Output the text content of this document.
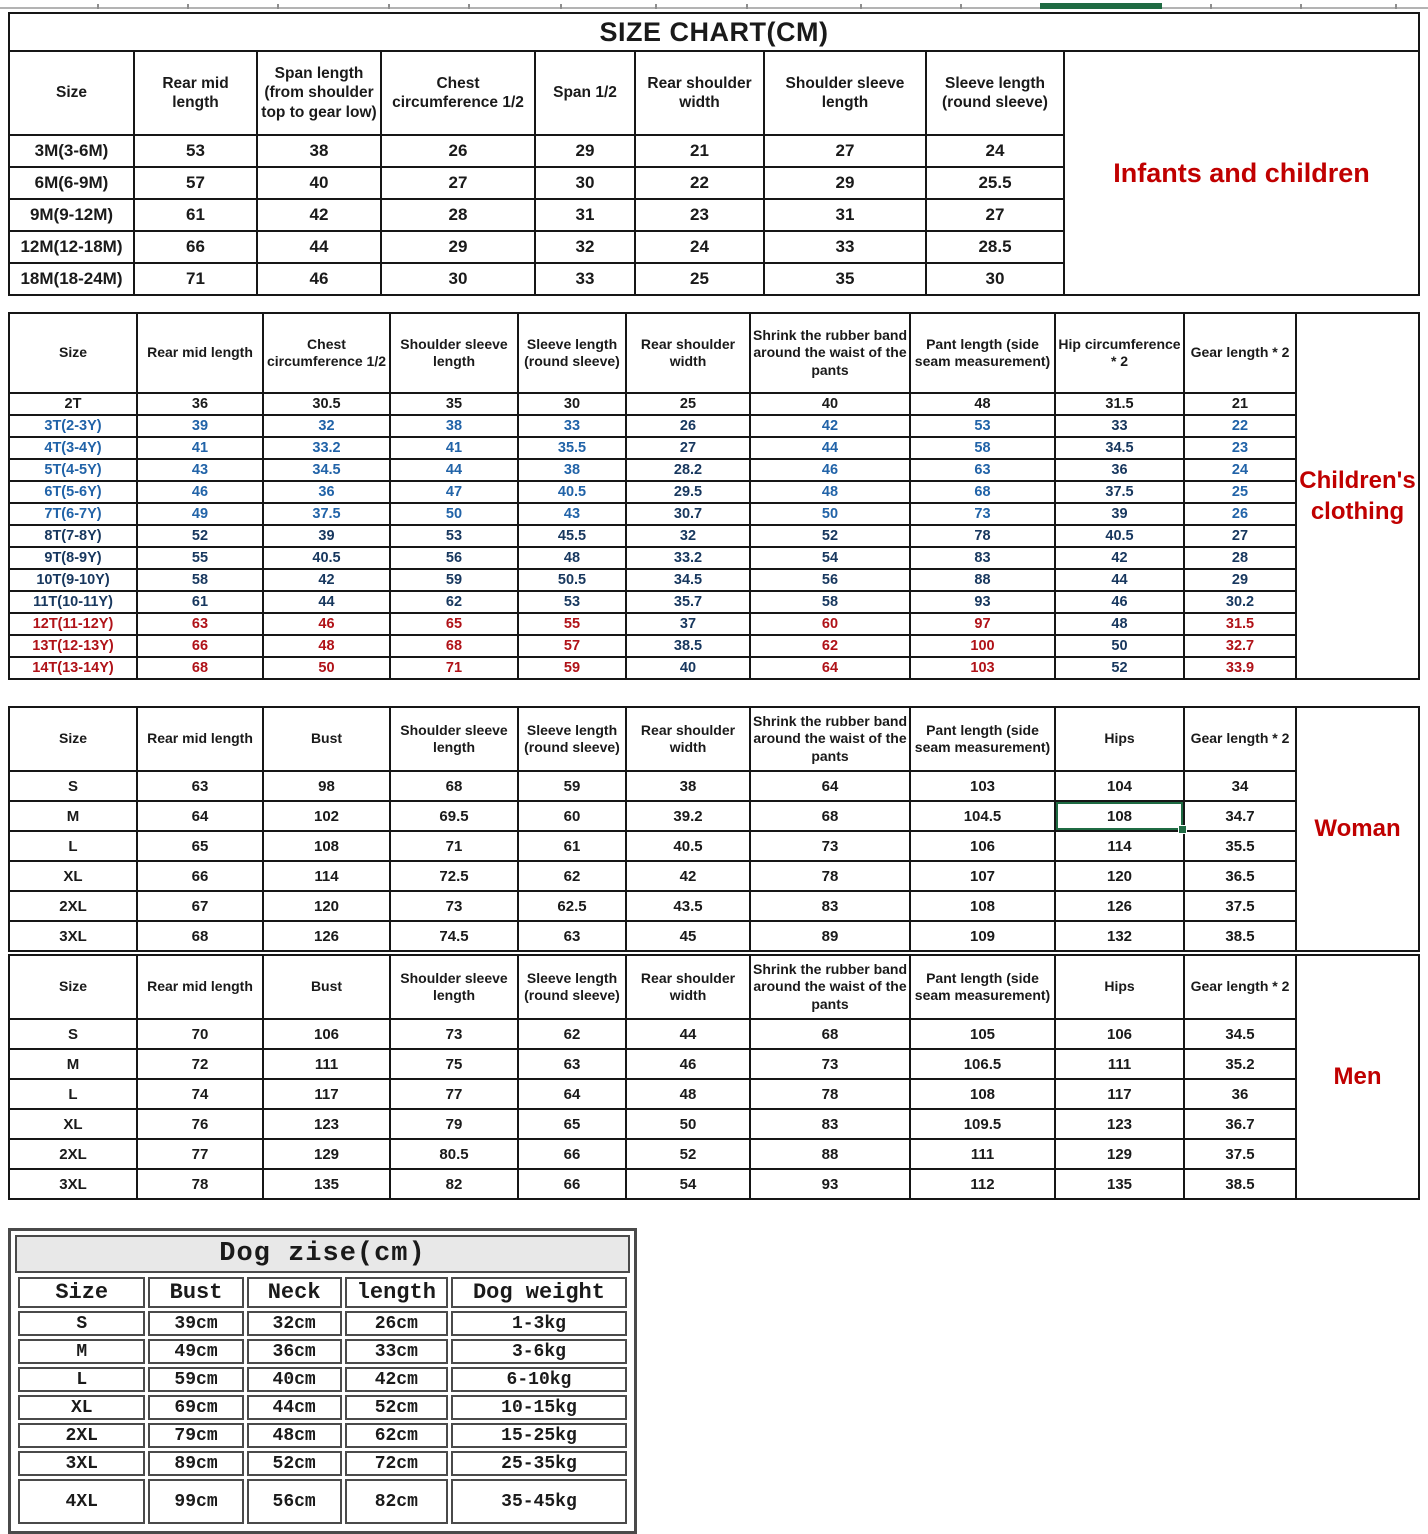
SIZE CHART(CM)
Size	Rear mid length	Span length (from shoulder top to gear low)	Chest circumference 1/2	Span 1/2	Rear shoulder width	Shoulder sleeve length	Sleeve length (round sleeve)
3M(3-6M)	53	38	26	29	21	27	24
6M(6-9M)	57	40	27	30	22	29	25.5
9M(9-12M)	61	42	28	31	23	31	27
12M(12-18M)	66	44	29	32	24	33	28.5
18M(18-24M)	71	46	30	33	25	35	30
Infants and children
Size	Rear mid length	Chest circumference 1/2	Shoulder sleeve length	Sleeve length (round sleeve)	Rear shoulder width	Shrink the rubber band around the waist of the pants	Pant length (side seam measurement)	Hip circumference * 2	Gear length * 2
2T	36	30.5	35	30	25	40	48	31.5	21
3T(2-3Y)	39	32	38	33	26	42	53	33	22
4T(3-4Y)	41	33.2	41	35.5	27	44	58	34.5	23
5T(4-5Y)	43	34.5	44	38	28.2	46	63	36	24
6T(5-6Y)	46	36	47	40.5	29.5	48	68	37.5	25
7T(6-7Y)	49	37.5	50	43	30.7	50	73	39	26
8T(7-8Y)	52	39	53	45.5	32	52	78	40.5	27
9T(8-9Y)	55	40.5	56	48	33.2	54	83	42	28
10T(9-10Y)	58	42	59	50.5	34.5	56	88	44	29
11T(10-11Y)	61	44	62	53	35.7	58	93	46	30.2
12T(11-12Y)	63	46	65	55	37	60	97	48	31.5
13T(12-13Y)	66	48	68	57	38.5	62	100	50	32.7
14T(13-14Y)	68	50	71	59	40	64	103	52	33.9
Children's clothing
Size	Rear mid length	Bust	Shoulder sleeve length	Sleeve length (round sleeve)	Rear shoulder width	Shrink the rubber band around the waist of the pants	Pant length (side seam measurement)	Hips	Gear length * 2
S	63	98	68	59	38	64	103	104	34
M	64	102	69.5	60	39.2	68	104.5	108	34.7
L	65	108	71	61	40.5	73	106	114	35.5
XL	66	114	72.5	62	42	78	107	120	36.5
2XL	67	120	73	62.5	43.5	83	108	126	37.5
3XL	68	126	74.5	63	45	89	109	132	38.5
Woman
Size	Rear mid length	Bust	Shoulder sleeve length	Sleeve length (round sleeve)	Rear shoulder width	Shrink the rubber band around the waist of the pants	Pant length (side seam measurement)	Hips	Gear length * 2
S	70	106	73	62	44	68	105	106	34.5
M	72	111	75	63	46	73	106.5	111	35.2
L	74	117	77	64	48	78	108	117	36
XL	76	123	79	65	50	83	109.5	123	36.7
2XL	77	129	80.5	66	52	88	111	129	37.5
3XL	78	135	82	66	54	93	112	135	38.5
Men
Dog zise(cm)
Size	Bust	Neck	length	Dog weight
S	39cm	32cm	26cm	1-3kg
M	49cm	36cm	33cm	3-6kg
L	59cm	40cm	42cm	6-10kg
XL	69cm	44cm	52cm	10-15kg
2XL	79cm	48cm	62cm	15-25kg
3XL	89cm	52cm	72cm	25-35kg
4XL	99cm	56cm	82cm	35-45kg
